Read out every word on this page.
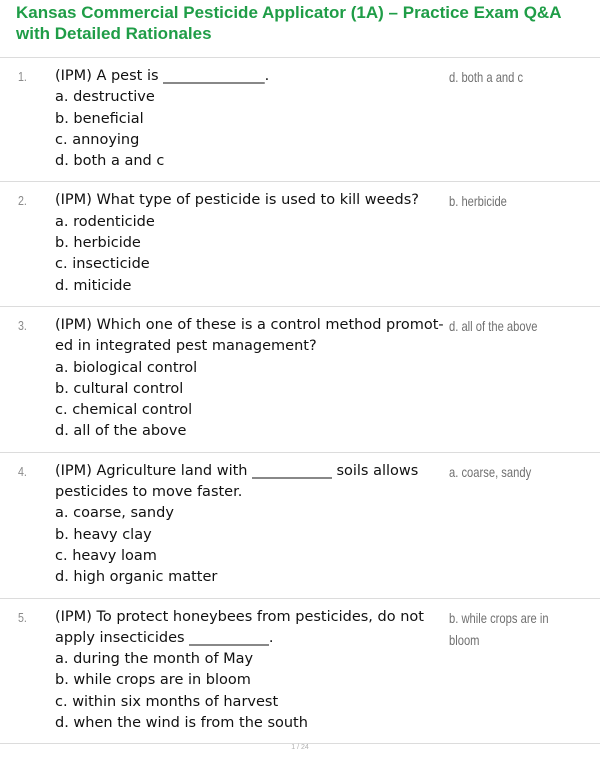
Kansas Commercial Pesticide Applicator (1A) – Practice Exam Q&A with Detailed Rationales
1. (IPM) A pest is ______________.
a. destructive
b. beneficial
c. annoying
d. both a and c
d. both a and c
2. (IPM) What type of pesticide is used to kill weeds?
a. rodenticide
b. herbicide
c. insecticide
d. miticide
b. herbicide
3. (IPM) Which one of these is a control method promot-
ed in integrated pest management?
a. biological control
b. cultural control
c. chemical control
d. all of the above
d. all of the above
4. (IPM) Agriculture land with ___________ soils allows
pesticides to move faster.
a. coarse, sandy
b. heavy clay
c. heavy loam
d. high organic matter
a. coarse, sandy
5. (IPM) To protect honeybees from pesticides, do not
apply insecticides ___________.
a. during the month of May
b. while crops are in bloom
c. within six months of harvest
d. when the wind is from the south
b. while crops are in
bloom
1 / 24
